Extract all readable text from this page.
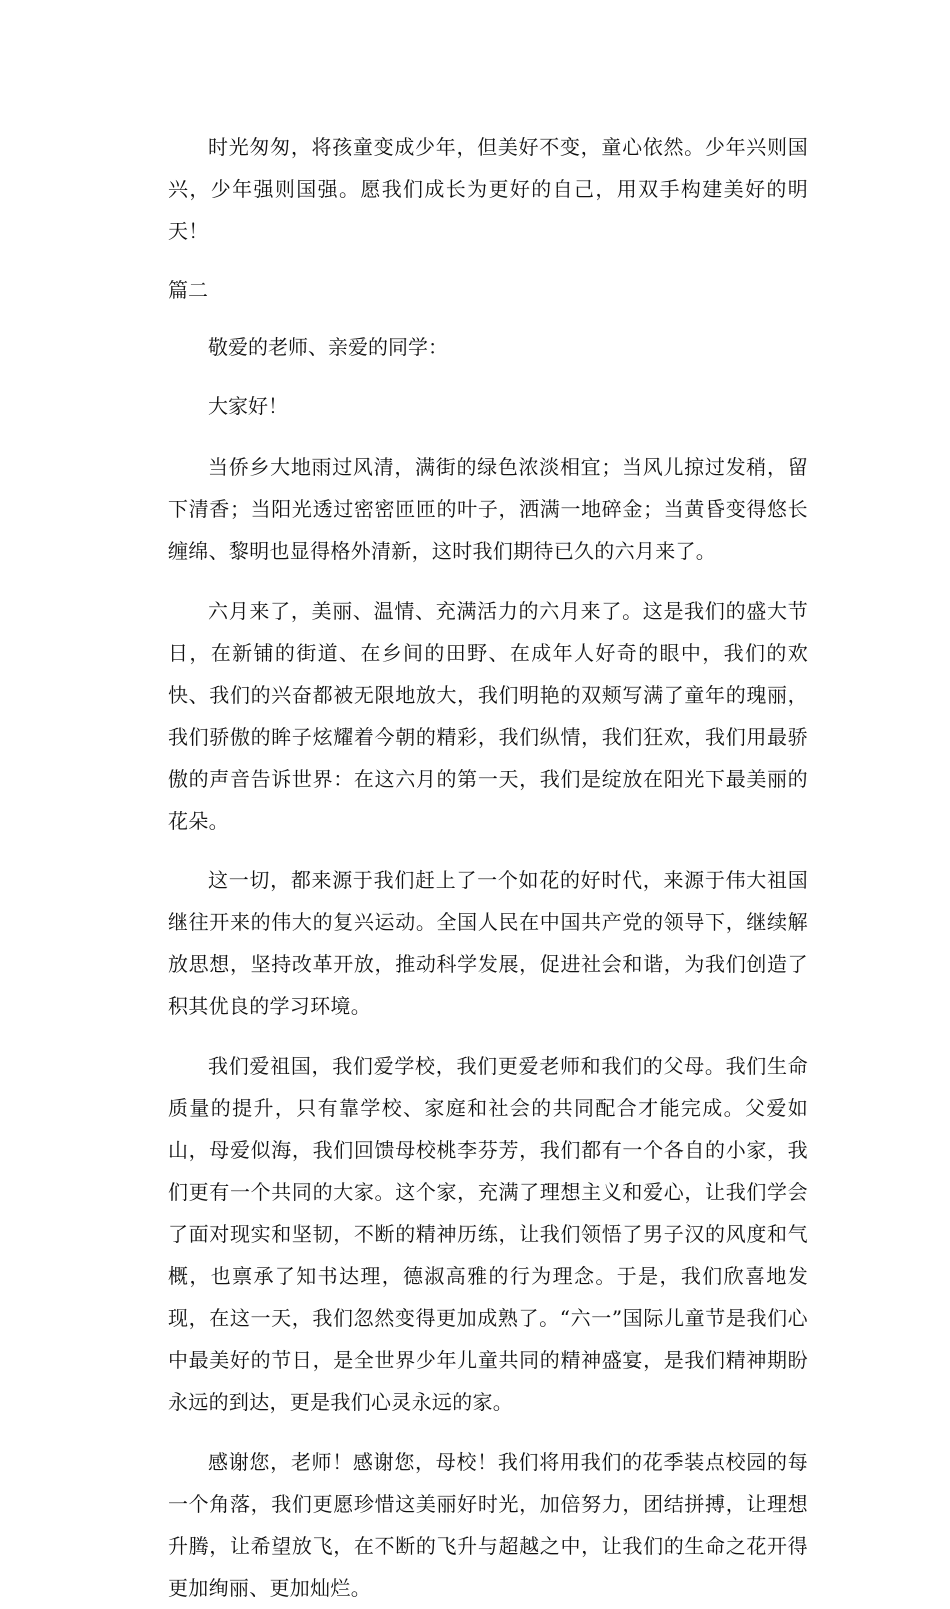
时光匆匆，将孩童变成少年，但美好不变，童心依然。少年兴则国兴，少年强则国强。愿我们成长为更好的自己，用双手构建美好的明天！

篇二

敬爱的老师、亲爱的同学：

大家好！

当侨乡大地雨过风清，满街的绿色浓淡相宜；当风儿掠过发稍，留下清香；当阳光透过密密匝匝的叶子，洒满一地碎金；当黄昏变得悠长缠绵、黎明也显得格外清新，这时我们期待已久的六月来了。

六月来了，美丽、温情、充满活力的六月来了。这是我们的盛大节日，在新铺的街道、在乡间的田野、在成年人好奇的眼中，我们的欢快、我们的兴奋都被无限地放大，我们明艳的双颊写满了童年的瑰丽，我们骄傲的眸子炫耀着今朝的精彩，我们纵情，我们狂欢，我们用最骄傲的声音告诉世界：在这六月的第一天，我们是绽放在阳光下最美丽的花朵。

这一切，都来源于我们赶上了一个如花的好时代，来源于伟大祖国继往开来的伟大的复兴运动。全国人民在中国共产党的领导下，继续解放思想，坚持改革开放，推动科学发展，促进社会和谐，为我们创造了积其优良的学习环境。

我们爱祖国，我们爱学校，我们更爱老师和我们的父母。我们生命质量的提升，只有靠学校、家庭和社会的共同配合才能完成。父爱如山，母爱似海，我们回馈母校桃李芬芳，我们都有一个各自的小家，我们更有一个共同的大家。这个家，充满了理想主义和爱心，让我们学会了面对现实和坚韧，不断的精神历练，让我们领悟了男子汉的风度和气概，也禀承了知书达理，德淑高雅的行为理念。于是，我们欣喜地发现，在这一天，我们忽然变得更加成熟了。“六一”国际儿童节是我们心中最美好的节日，是全世界少年儿童共同的精神盛宴，是我们精神期盼永远的到达，更是我们心灵永远的家。

感谢您，老师！感谢您，母校！我们将用我们的花季装点校园的每一个角落，我们更愿珍惜这美丽好时光，加倍努力，团结拼搏，让理想升腾，让希望放飞，在不断的飞升与超越之中，让我们的生命之花开得更加绚丽、更加灿烂。
